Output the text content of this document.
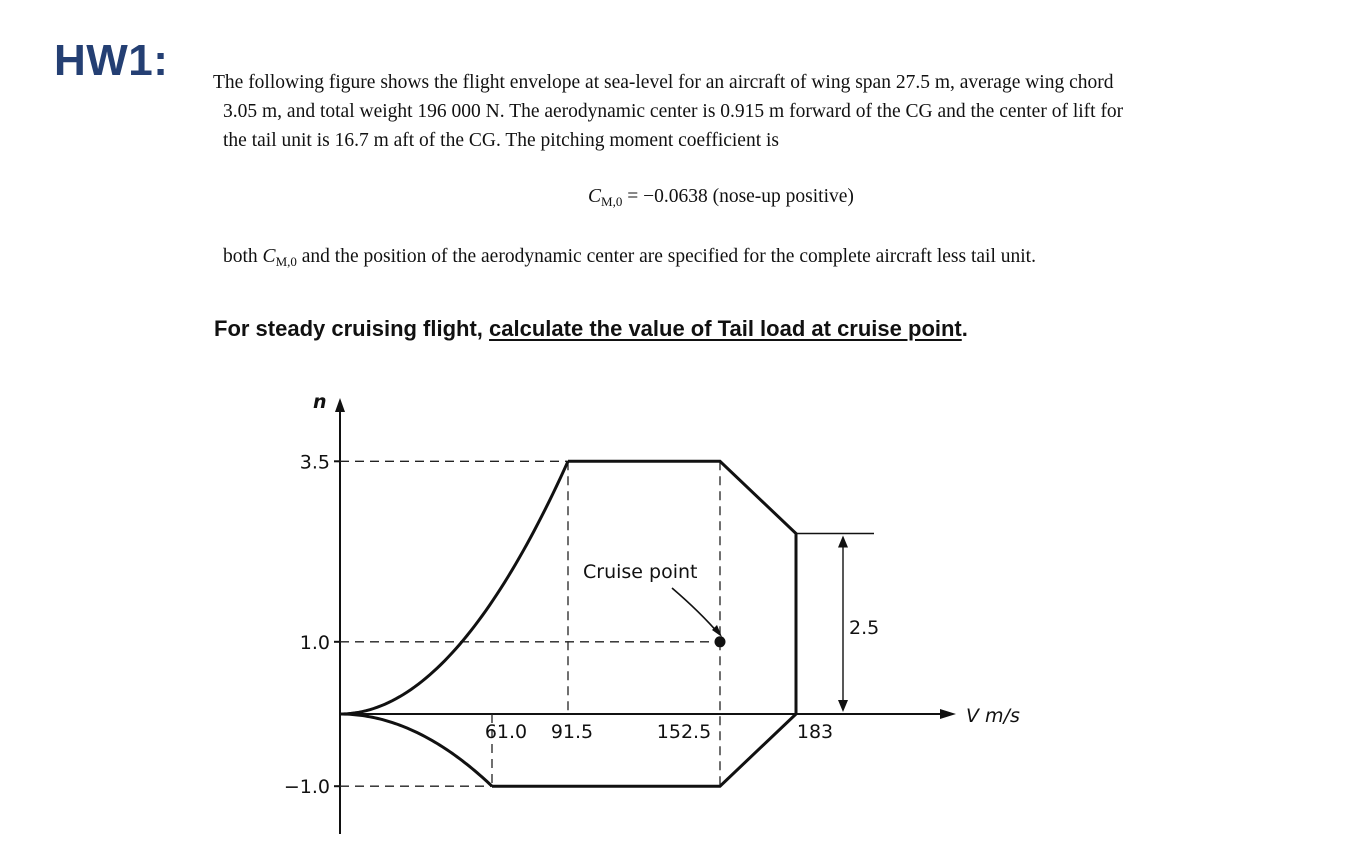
HW1: The following figure shows the flight envelope at sea-level for an aircraft of wing span 27.5 m, average wing chord
3.05 m, and total weight 196 000 N. The aerodynamic center is 0.915 m forward of the CG and the center of lift for
the tail unit is 16.7 m aft of the CG. The pitching moment coefficient is

$C_{M,0} = -0.0638$ (nose-up positive)
both $C_{M,0}$ and the position of the aerodynamic center are specified for the complete aircraft less tail unit.
For steady cruising flight, calculate the value of Tail load at cruise point.
n
V m/s
3.5
1.0
−1.0
61.0 91.5	152.5	183
Cruise point
2.5
